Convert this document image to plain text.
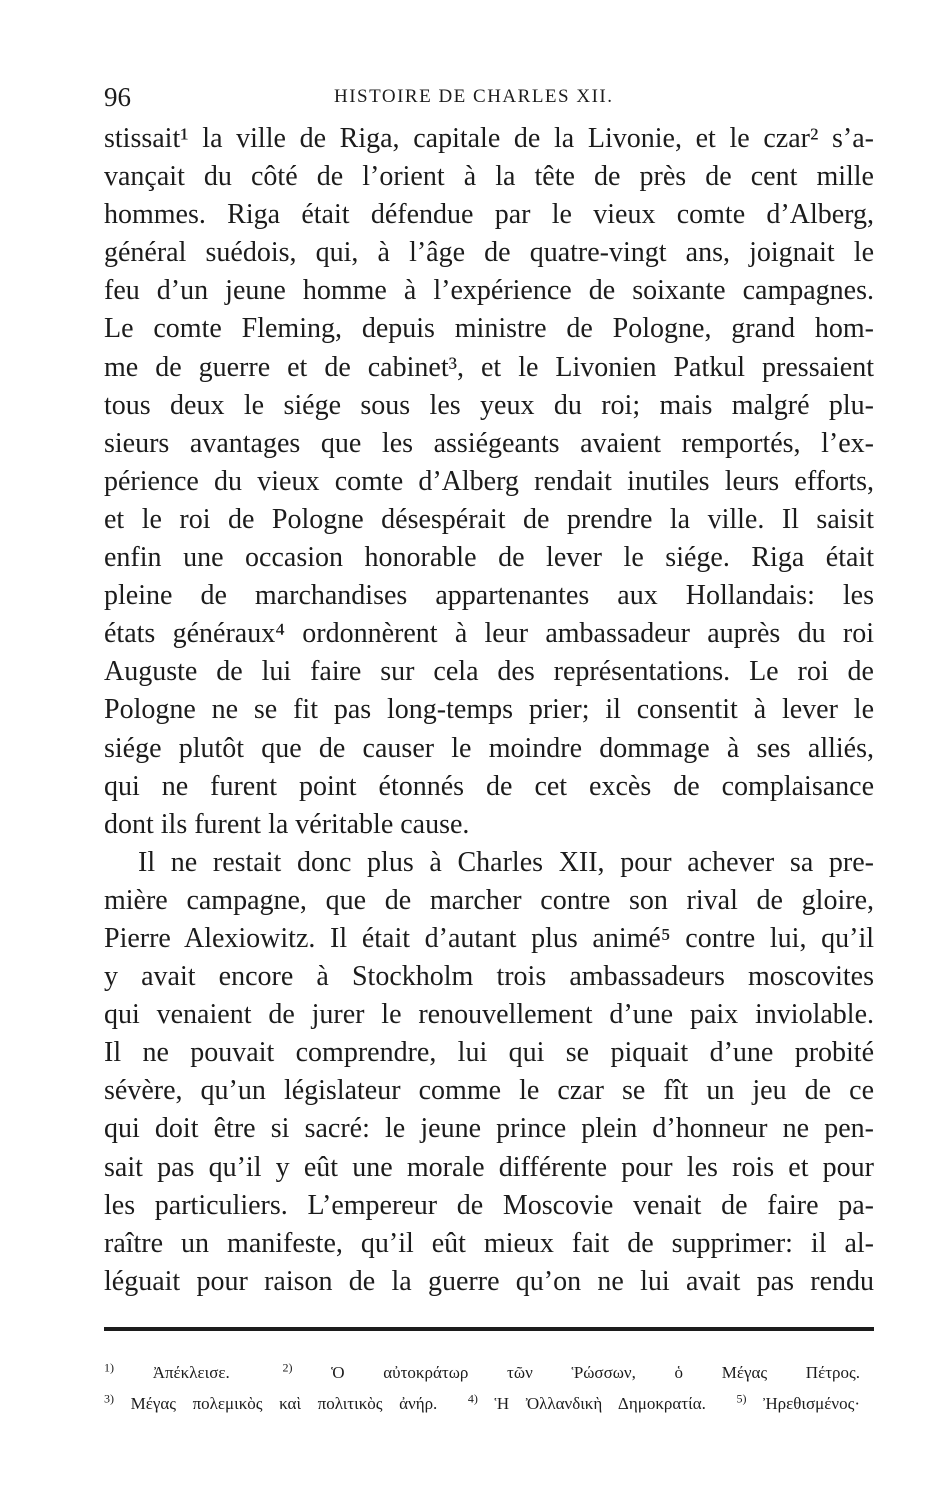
96	HISTOIRE DE CHARLES XII.
stissait¹ la ville de Riga, capitale de la Livonie, et le czar² s’a-
vançait du côté de l’orient à la tête de près de cent mille
hommes. Riga était défendue par le vieux comte d’Alberg,
général suédois, qui, à l’âge de quatre-vingt ans, joignait le
feu d’un jeune homme à l’expérience de soixante campagnes.
Le comte Fleming, depuis ministre de Pologne, grand hom-
me de guerre et de cabinet³, et le Livonien Patkul pressaient
tous deux le siége sous les yeux du roi; mais malgré plu-
sieurs avantages que les assiégeants avaient remportés, l’ex-
périence du vieux comte d’Alberg rendait inutiles leurs efforts,
et le roi de Pologne désespérait de prendre la ville. Il saisit
enfin une occasion honorable de lever le siége. Riga était
pleine de marchandises appartenantes aux Hollandais: les
états généraux⁴ ordonnèrent à leur ambassadeur auprès du roi
Auguste de lui faire sur cela des représentations. Le roi de
Pologne ne se fit pas long-temps prier; il consentit à lever le
siége plutôt que de causer le moindre dommage à ses alliés,
qui ne furent point étonnés de cet excès de complaisance
dont ils furent la véritable cause.
Il ne restait donc plus à Charles XII, pour achever sa pre-
mière campagne, que de marcher contre son rival de gloire,
Pierre Alexiowitz. Il était d’autant plus animé⁵ contre lui, qu’il
y avait encore à Stockholm trois ambassadeurs moscovites
qui venaient de jurer le renouvellement d’une paix inviolable.
Il ne pouvait comprendre, lui qui se piquait d’une probité
sévère, qu’un législateur comme le czar se fît un jeu de ce
qui doit être si sacré: le jeune prince plein d’honneur ne pen-
sait pas qu’il y eût une morale différente pour les rois et pour
les particuliers. L’empereur de Moscovie venait de faire pa-
raître un manifeste, qu’il eût mieux fait de supprimer: il al-
léguait pour raison de la guerre qu’on ne lui avait pas rendu
$^{1)}$ Ἀπέκλεισε.	$^{2)}$ Ὁ αὐτοκράτωρ τῶν Ῥώσσων, ὁ Μέγας Πέτρος.
$^{3)}$ Μέγας πολεμικὸς καὶ πολιτικὸς ἀνήρ.	$^{4)}$ Ἡ Ὀλλανδικὴ Δημοκρατία.	$^{5)}$ Ἠρεθισμένος·
